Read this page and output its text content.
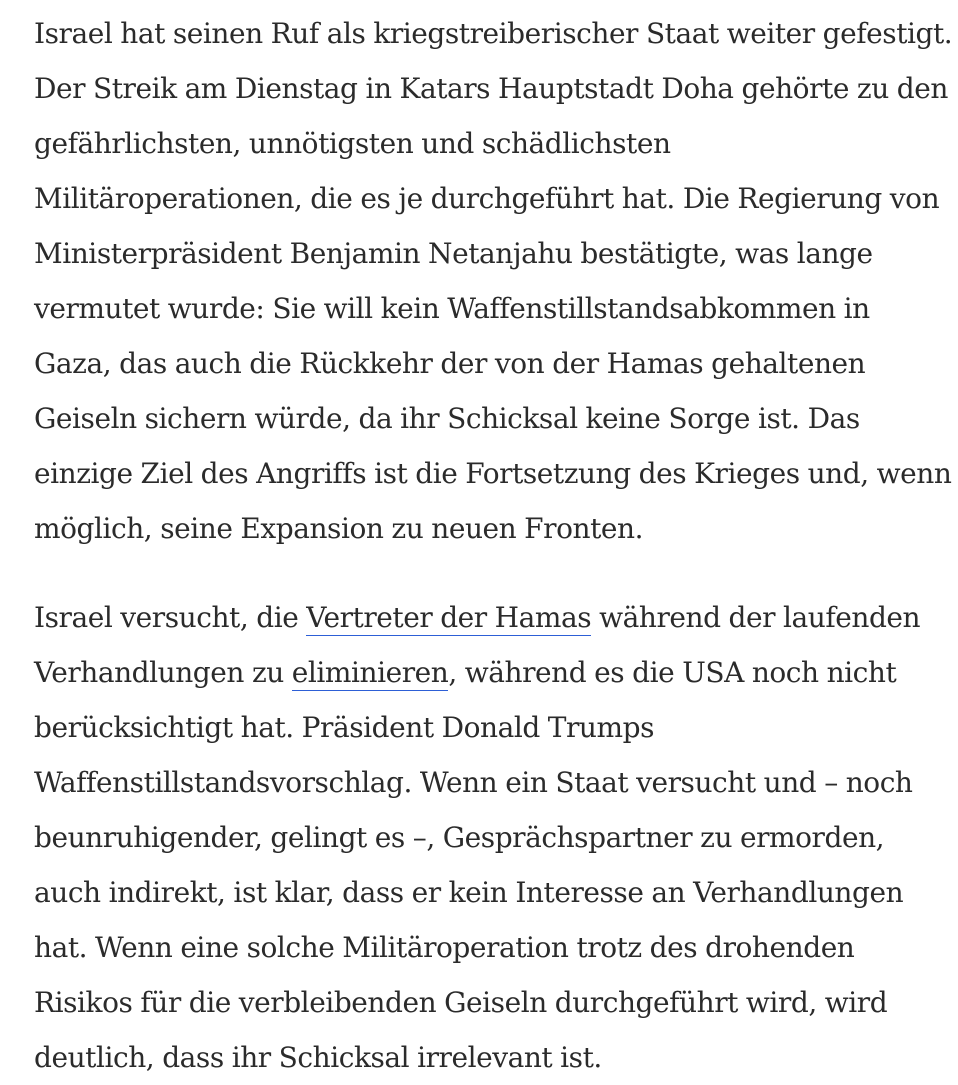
Israel hat seinen Ruf als kriegstreiberischer Staat weiter gefestigt.
Der Streik am Dienstag in Katars Hauptstadt Doha gehörte zu den
gefährlichsten, unnötigsten und schädlichsten
Militäroperationen, die es je durchgeführt hat. Die Regierung von
Ministerpräsident Benjamin Netanjahu bestätigte, was lange
vermutet wurde: Sie will kein Waffenstillstandsabkommen in
Gaza, das auch die Rückkehr der von der Hamas gehaltenen
Geiseln sichern würde, da ihr Schicksal keine Sorge ist. Das
einzige Ziel des Angriffs ist die Fortsetzung des Krieges und, wenn
möglich, seine Expansion zu neuen Fronten.

Israel versucht, die Vertreter der Hamas während der laufenden
Verhandlungen zu eliminieren, während es die USA noch nicht
berücksichtigt hat. Präsident Donald Trumps
Waffenstillstandsvorschlag. Wenn ein Staat versucht und – noch
beunruhigender, gelingt es –, Gesprächspartner zu ermorden,
auch indirekt, ist klar, dass er kein Interesse an Verhandlungen
hat. Wenn eine solche Militäroperation trotz des drohenden
Risikos für die verbleibenden Geiseln durchgeführt wird, wird
deutlich, dass ihr Schicksal irrelevant ist.
